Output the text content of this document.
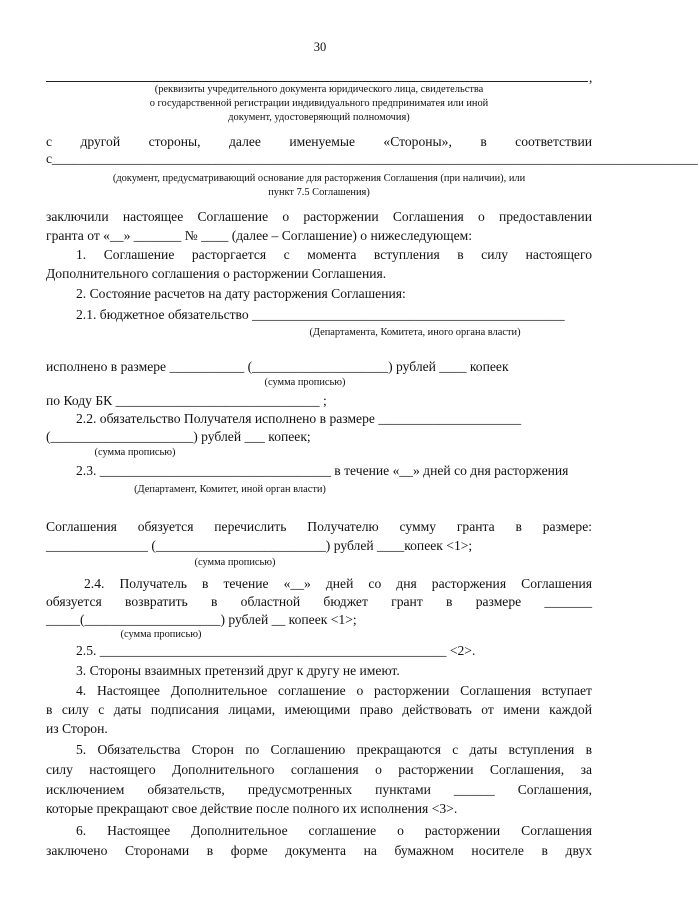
30
,
(реквизиты учредительного документа юридического лица, свидетельства
о государственной регистрации индивидуального предприниматея или иной
документ, удостоверяющий полномочия)
с другой стороны, далее именуемые «Стороны», в соответствии
с_______________________________________________________________________________________________
(документ, предусматривающий основание для расторжения Соглашения (при наличии), или
пункт 7.5 Соглашения)
заключили настоящее Соглашение о расторжении Соглашения о предоставлении
гранта от «__» _______ № ____ (далее – Соглашение) о нижеследующем:
1. Соглашение расторгается с момента вступления в силу настоящего
Дополнительного соглашения о расторжении Соглашения.
2. Состояние расчетов на дату расторжения Соглашения:
2.1. бюджетное обязательство ______________________________________________
(Департамента, Комитета, иного органа власти)
исполнено в размере ___________ (____________________) рублей ____ копеек
(сумма прописью)
по Коду БК ______________________________ ;
2.2. обязательство Получателя исполнено в размере _____________________
(_____________________) рублей ___ копеек;
(сумма прописью)
2.3. __________________________________ в течение «__» дней со дня расторжения
(Департамент, Комитет, иной орган власти)
Соглашения обязуется перечислить Получателю сумму гранта в размере:
_______________ (_________________________) рублей ____копеек <1>;
(сумма прописью)
2.4. Получатель в течение «__» дней со дня расторжения Соглашения
обязуется возвратить в областной бюджет грант в размере _______
_____(____________________) рублей __ копеек <1>;
(сумма прописью)
2.5. ___________________________________________________ <2>.
3. Стороны взаимных претензий друг к другу не имеют.
4. Настоящее Дополнительное соглашение о расторжении Соглашения вступает
в силу с даты подписания лицами, имеющими право действовать от имени каждой
из Сторон.
5. Обязательства Сторон по Соглашению прекращаются с даты вступления в
силу настоящего Дополнительного соглашения о расторжении Соглашения, за
исключением обязательств, предусмотренных пунктами ______ Соглашения,
которые прекращают свое действие после полного их исполнения <3>.
6. Настоящее Дополнительное соглашение о расторжении Соглашения
заключено Сторонами в форме документа на бумажном носителе в двух
